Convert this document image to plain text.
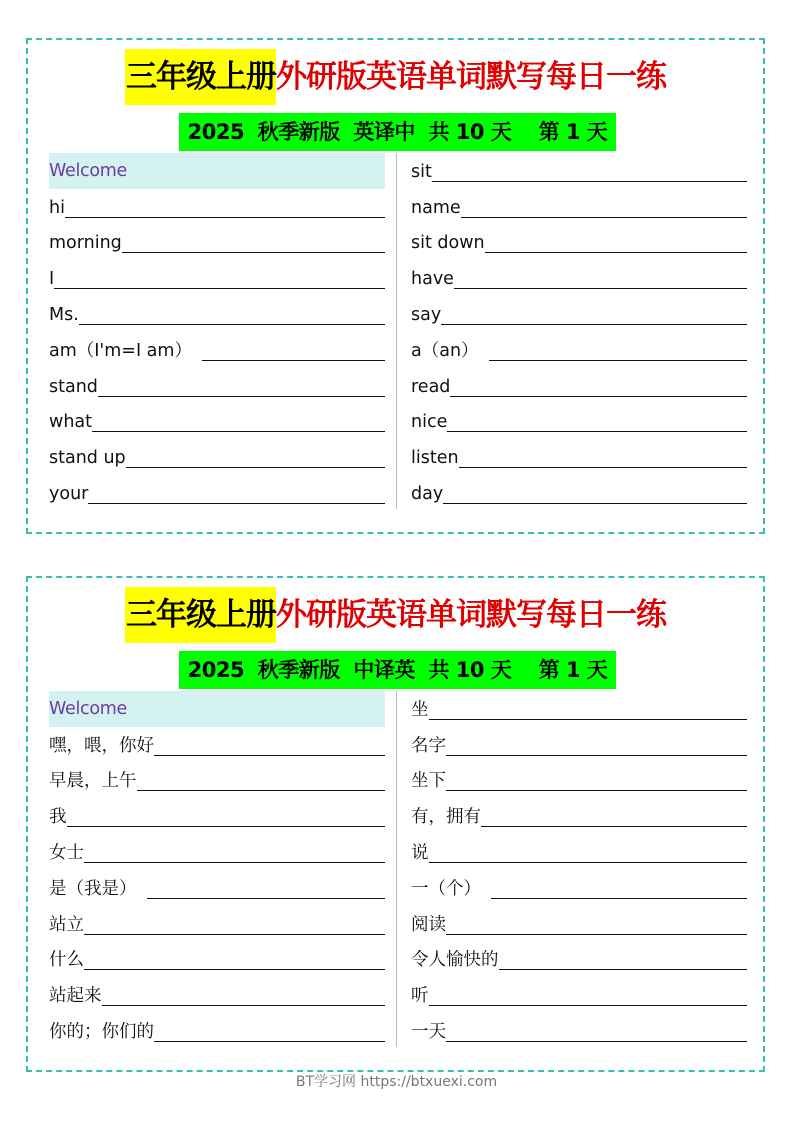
三年级上册外研版英语单词默写每日一练
2025  秋季新版  英译中  共 10 天    第 1 天
Welcome
hi
morning
I
Ms.
am（I'm=I am）
stand
what
stand up
your
sit
name
sit down
have
say
a（an）
read
nice
listen
day
三年级上册外研版英语单词默写每日一练
2025  秋季新版  中译英  共 10 天    第 1 天
Welcome
嘿，喂，你好
早晨，上午
我
女士
是（我是）
站立
什么
站起来
你的；你们的
坐
名字
坐下
有，拥有
说
一（个）
阅读
令人愉快的
听
一天
BT学习网 https://btxuexi.com
